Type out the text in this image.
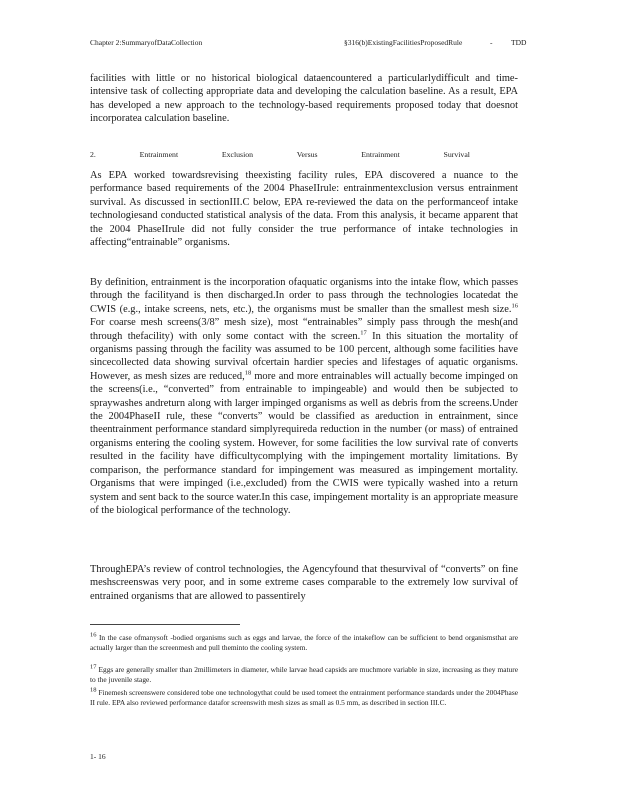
Chapter 2:SummaryofDataCollection	§316(b)ExistingFacilitiesProposedRule	- TDD

facilities with little or no historical biological dataencountered a particularlydifficult and time-intensive task of collecting appropriate data and developing the calculation baseline. As a result, EPA has developed a new approach to the technology-based requirements proposed today that doesnot incorporatea calculation baseline.

2.	Entrainment	Exclusion	Versus	Entrainment	Survival

As EPA worked towardsrevising theexisting facility rules, EPA discovered a nuance to the performance based requirements of the 2004 PhaseIIrule: entrainmentexclusion versus entrainment survival. As discussed in sectionIII.C below, EPA re-reviewed the data on the performanceof intake technologiesand conducted statistical analysis of the data. From this analysis, it became apparent that the 2004 PhaseIIrule did not fully consider the true performance of intake technologies in affecting“entrainable” organisms.

By definition, entrainment is the incorporation ofaquatic organisms into the intake flow, which passes through the facilityand is then discharged.In order to pass through the technologies locatedat the CWIS (e.g., intake screens, nets, etc.), the organisms must be smaller than the smallest mesh size.$^{16}$ For coarse mesh screens(3/8” mesh size), most “entrainables” simply pass through the mesh(and through thefacility) with only some contact with the screen.$^{17}$ In this situation the mortality of organisms passing through the facility was assumed to be 100 percent, although some facilities have sincecollected data showing survival ofcertain hardier species and lifestages of aquatic organisms. However, as mesh sizes are reduced,$^{18}$ more and more entrainables will actually become impinged on the screens(i.e., “converted” from entrainable to impingeable) and would then be subjected to spraywashes andreturn along with larger impinged organisms as well as debris from the screens.Under the 2004PhaseII rule, these “converts” would be classified as areduction in entrainment, since theentrainment performance standard simplyrequireda reduction in the number (or mass) of entrained organisms entering the cooling system. However, for some facilities the low survival rate of converts resulted in the facility have difficultycomplying with the impingement mortality limitations. By comparison, the performance standard for impingement was measured as impingement mortality. Organisms that were impinged (i.e.,excluded) from the CWIS were typically washed into a return system and sent back to the source water.In this case, impingement mortality is an appropriate measure of the biological performance of the technology.

ThroughEPA’s review of control technologies, the Agencyfound that thesurvival of “converts” on fine meshscreenswas very poor, and in some extreme cases comparable to the extremely low survival of entrained organisms that are allowed to passentirely

16 In the case ofmanysoft -bodied organisms such as eggs and larvae, the force of the intakeflow can be sufficient to bend organismsthat are actually larger than the screenmesh and pull theminto the cooling system.

17 Eggs are generally smaller than 2millimeters in diameter, while larvae head capsids are muchmore variable in size, increasing as they mature to the juvenile stage.

18 Finemesh screenswere considered tobe one technologythat could be used tomeet the entrainment performance standards under the 2004Phase II rule. EPA also reviewed performance datafor screenswith mesh sizes as small as 0.5 mm, as described in section III.C.

1- 16
